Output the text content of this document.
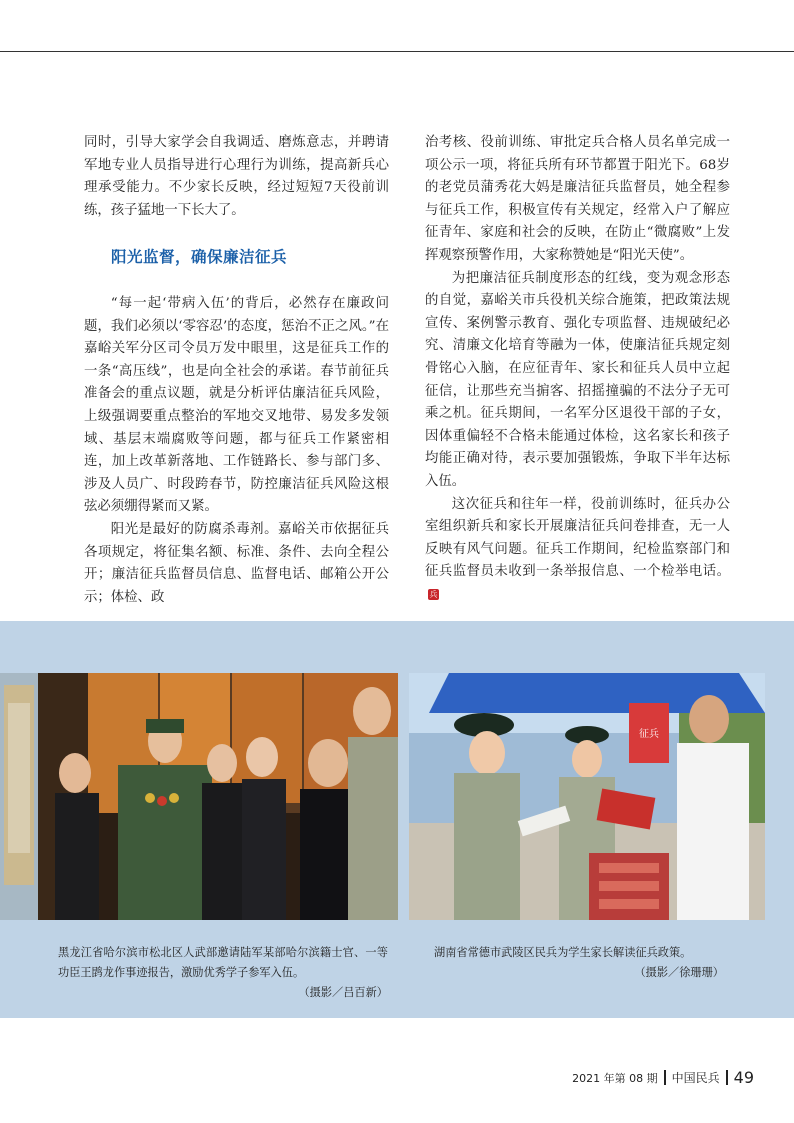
同时，引导大家学会自我调适、磨炼意志，并聘请军地专业人员指导进行心理行为训练，提高新兵心理承受能力。不少家长反映，经过短短7天役前训练，孩子猛地一下长大了。

阳光监督，确保廉洁征兵

“每一起‘带病入伍’的背后，必然存在廉政问题，我们必须以‘零容忍’的态度，惩治不正之风。”在嘉峪关军分区司令员万发中眼里，这是征兵工作的一条“高压线”，也是向全社会的承诺。春节前征兵准备会的重点议题，就是分析评估廉洁征兵风险，上级强调要重点整治的军地交叉地带、易发多发领域、基层末端腐败等问题，都与征兵工作紧密相连，加上改革新落地、工作链路长、参与部门多、涉及人员广、时段跨春节，防控廉洁征兵风险这根弦必须绷得紧而又紧。

阳光是最好的防腐杀毒剂。嘉峪关市依据征兵各项规定，将征集名额、标准、条件、去向全程公开；廉洁征兵监督员信息、监督电话、邮箱公开公示；体检、政

治考核、役前训练、审批定兵合格人员名单完成一项公示一项，将征兵所有环节都置于阳光下。68岁的老党员蒲秀花大妈是廉洁征兵监督员，她全程参与征兵工作，积极宣传有关规定，经常入户了解应征青年、家庭和社会的反映，在防止“微腐败”上发挥观察预警作用，大家称赞她是“阳光天使”。

为把廉洁征兵制度形态的红线，变为观念形态的自觉，嘉峪关市兵役机关综合施策，把政策法规宣传、案例警示教育、强化专项监督、违规破纪必究、清廉文化培育等融为一体，使廉洁征兵规定刻骨铭心入脑，在应征青年、家长和征兵人员中立起征信，让那些充当掮客、招摇撞骗的不法分子无可乘之机。征兵期间，一名军分区退役干部的子女，因体重偏轻不合格未能通过体检，这名家长和孩子均能正确对待，表示要加强锻炼，争取下半年达标入伍。

这次征兵和往年一样，役前训练时，征兵办公室组织新兵和家长开展廉洁征兵问卷排查，无一人反映有风气问题。征兵工作期间，纪检监察部门和征兵监督员未收到一条举报信息、一个检举电话。兵

征兵
黑龙江省哈尔滨市松北区人武部邀请陆军某部哈尔滨籍士官、一等功臣王鹍龙作事迹报告，激励优秀学子参军入伍。
（摄影／吕百新）
湖南省常德市武陵区民兵为学生家长解读征兵政策。
（摄影／徐珊珊）
2021 年第 08 期 中国民兵 49
